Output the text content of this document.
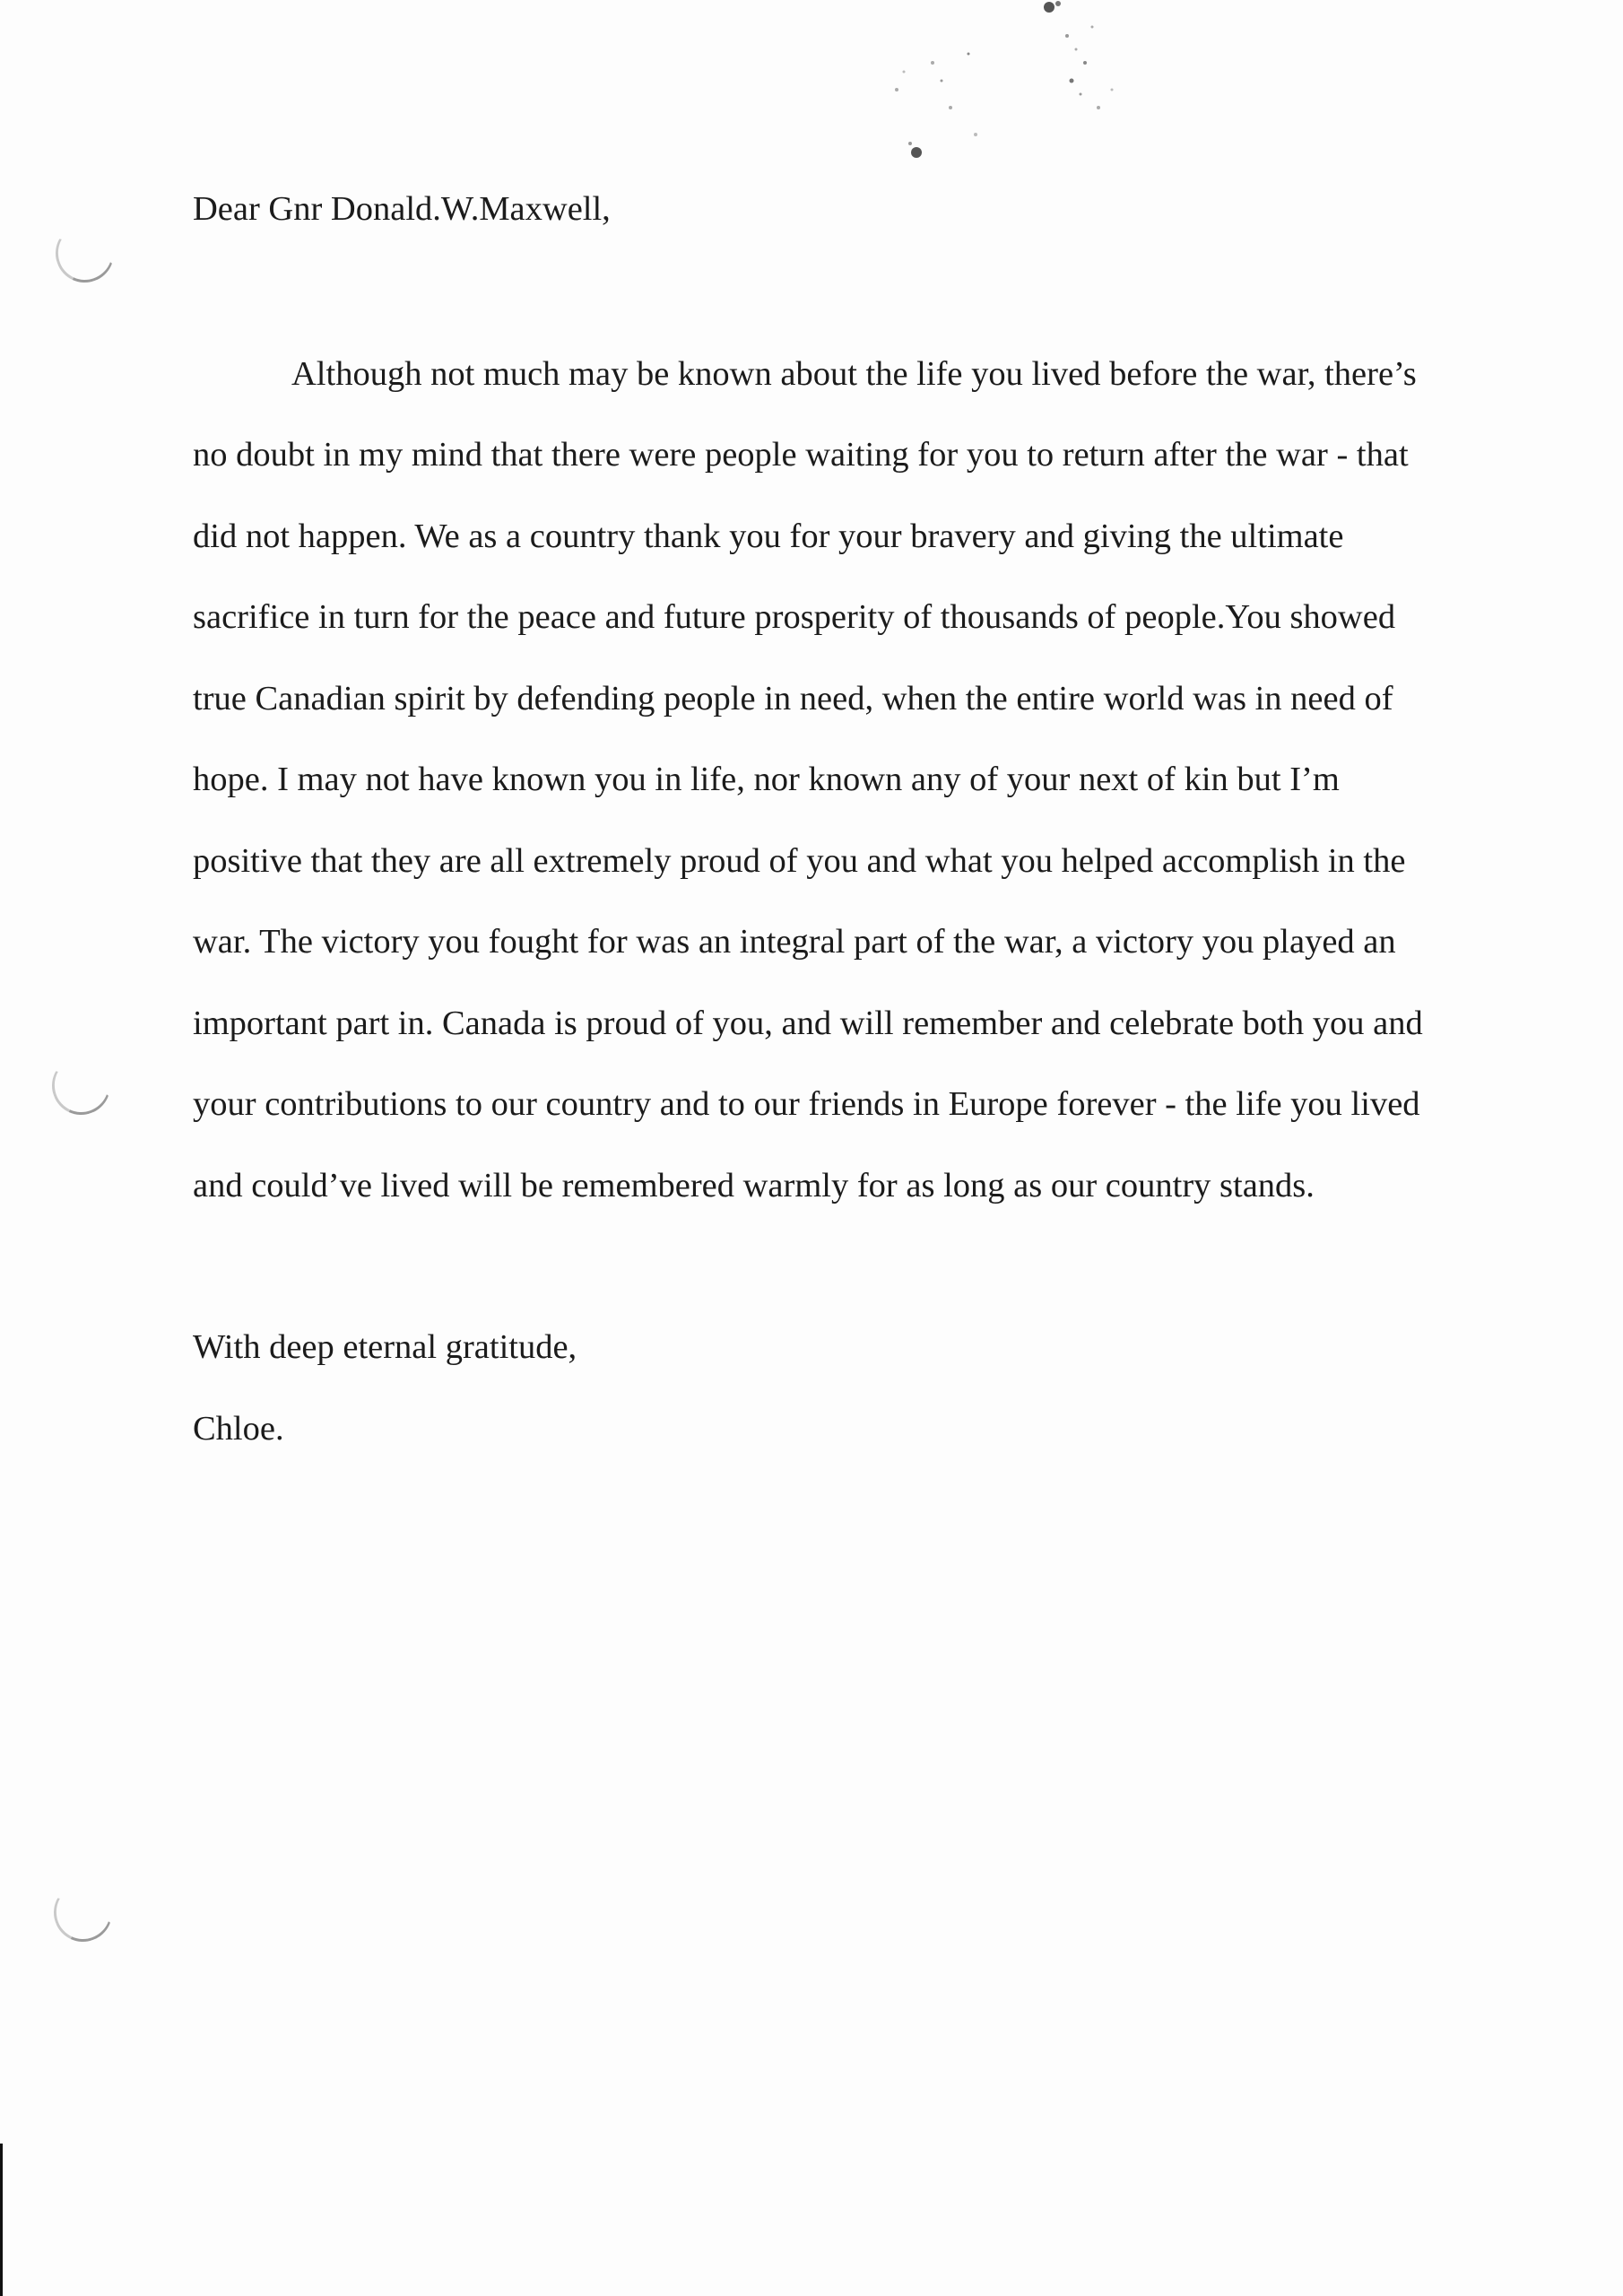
Dear Gnr Donald.W.Maxwell,
Although not much may be known about the life you lived before the war, there’s
no doubt in my mind that there were people waiting for you to return after the war - that
did not happen. We as a country thank you for your bravery and giving the ultimate
sacrifice in turn for the peace and future prosperity of thousands of people.You showed
true Canadian spirit by defending people in need, when the entire world was in need of
hope. I may not have known you in life, nor known any of your next of kin but I’m
positive that they are all extremely proud of you and what you helped accomplish in the
war. The victory you fought for was an integral part of the war, a victory you played an
important part in. Canada is proud of you, and will remember and celebrate both you and
your contributions to our country and to our friends in Europe forever - the life you lived
and could’ve lived will be remembered warmly for as long as our country stands.
With deep eternal gratitude,
Chloe.
